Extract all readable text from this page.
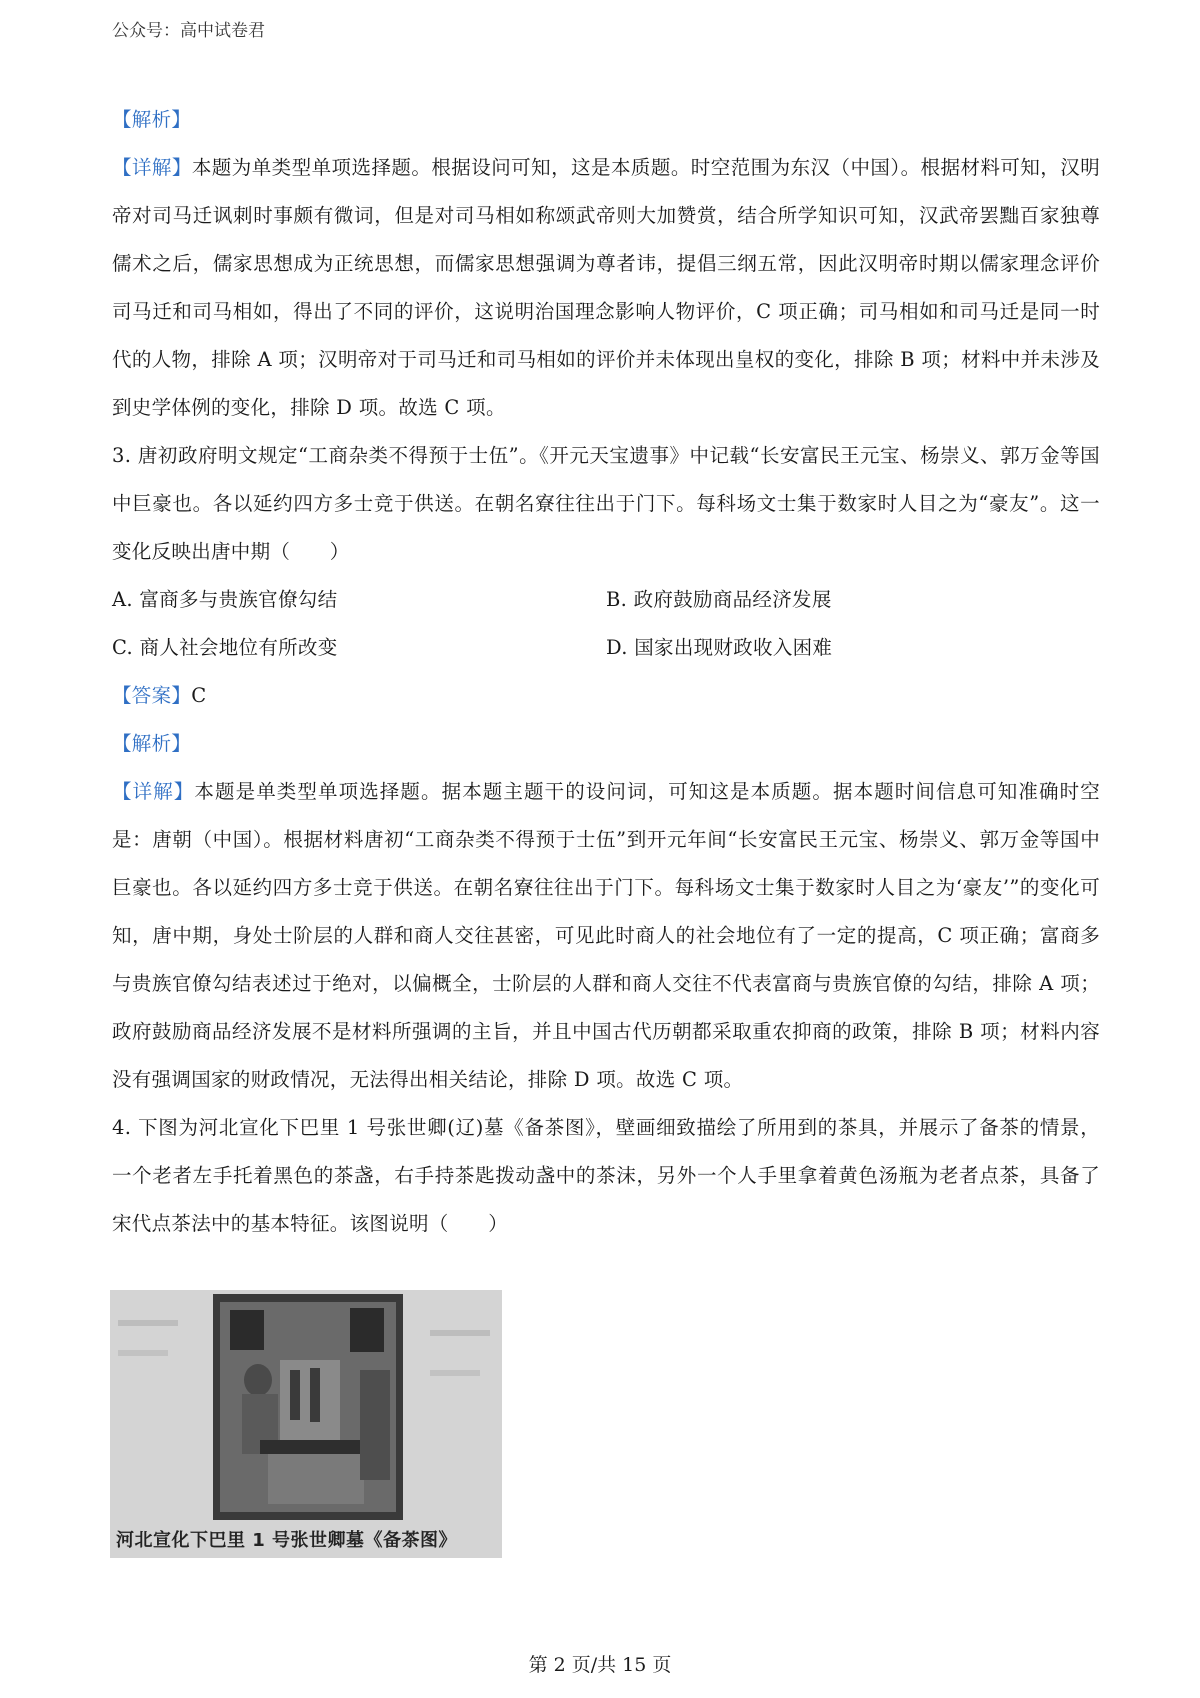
公众号：高中试卷君

【解析】

【详解】本题为单类型单项选择题。根据设问可知，这是本质题。时空范围为东汉（中国）。根据材料可知，汉明帝对司马迁讽刺时事颇有微词，但是对司马相如称颂武帝则大加赞赏，结合所学知识可知，汉武帝罢黜百家独尊儒术之后，儒家思想成为正统思想，而儒家思想强调为尊者讳，提倡三纲五常，因此汉明帝时期以儒家理念评价司马迁和司马相如，得出了不同的评价，这说明治国理念影响人物评价，C 项正确；司马相如和司马迁是同一时代的人物，排除 A 项；汉明帝对于司马迁和司马相如的评价并未体现出皇权的变化，排除 B 项；材料中并未涉及到史学体例的变化，排除 D 项。故选 C 项。

3. 唐初政府明文规定“工商杂类不得预于士伍”。《开元天宝遗事》中记载“长安富民王元宝、杨崇义、郭万金等国中巨豪也。各以延约四方多士竞于供送。在朝名寮往往出于门下。每科场文士集于数家时人目之为“豪友”。这一变化反映出唐中期（　　）

A. 富商多与贵族官僚勾结	B. 政府鼓励商品经济发展

C. 商人社会地位有所改变	D. 国家出现财政收入困难

【答案】C

【解析】

【详解】本题是单类型单项选择题。据本题主题干的设问词，可知这是本质题。据本题时间信息可知准确时空是：唐朝（中国）。根据材料唐初“工商杂类不得预于士伍”到开元年间“长安富民王元宝、杨崇义、郭万金等国中巨豪也。各以延约四方多士竞于供送。在朝名寮往往出于门下。每科场文士集于数家时人目之为‘豪友’”的变化可知，唐中期，身处士阶层的人群和商人交往甚密，可见此时商人的社会地位有了一定的提高，C 项正确；富商多与贵族官僚勾结表述过于绝对，以偏概全，士阶层的人群和商人交往不代表富商与贵族官僚的勾结，排除 A 项；政府鼓励商品经济发展不是材料所强调的主旨，并且中国古代历朝都采取重农抑商的政策，排除 B 项；材料内容没有强调国家的财政情况，无法得出相关结论，排除 D 项。故选 C 项。

4. 下图为河北宣化下巴里 1 号张世卿(辽)墓《备茶图》，壁画细致描绘了所用到的茶具，并展示了备茶的情景，一个老者左手托着黑色的茶盏，右手持茶匙拨动盏中的茶沫，另外一个人手里拿着黄色汤瓶为老者点茶，具备了宋代点茶法中的基本特征。该图说明（　　）

河北宣化下巴里 1 号张世卿墓《备茶图》
第 2 页/共 15 页
